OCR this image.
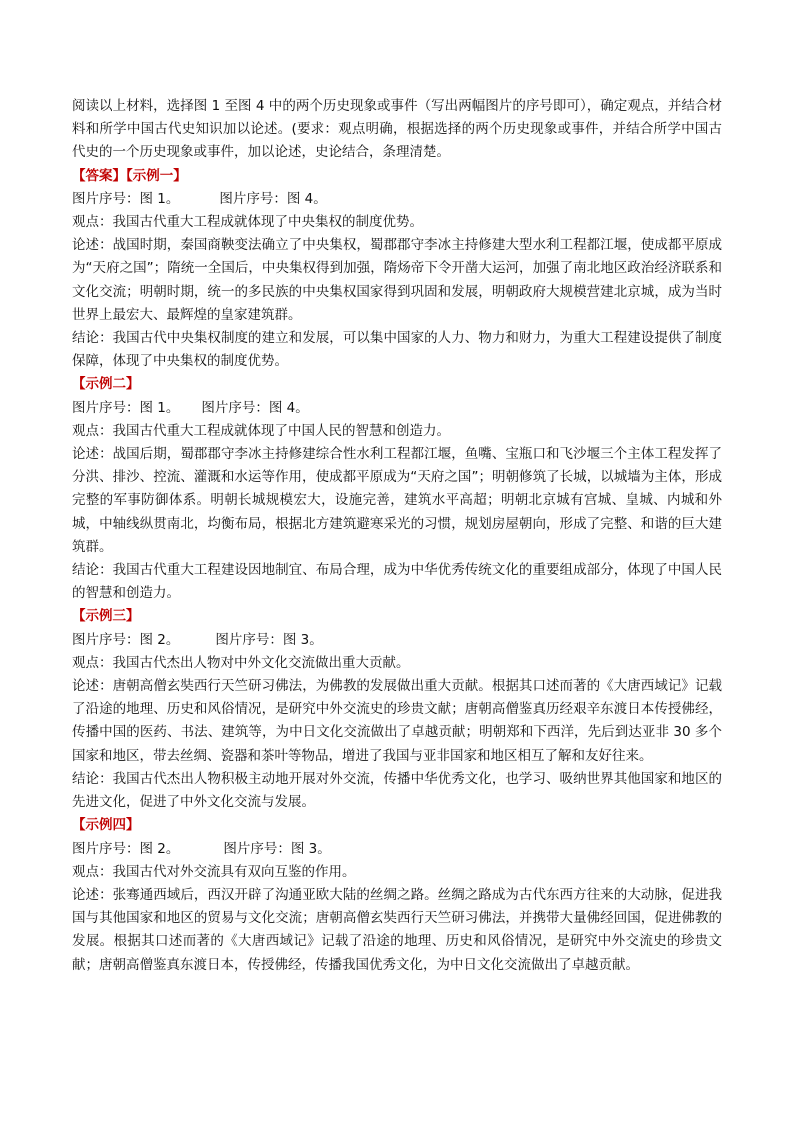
阅读以上材料，选择图 1 至图 4 中的两个历史现象或事件（写出两幅图片的序号即可），确定观点，并结合材料和所学中国古代史知识加以论述。(要求：观点明确，根据选择的两个历史现象或事件，并结合所学中国古代史的一个历史现象或事件，加以论述，史论结合，条理清楚。

【答案】【示例一】

图片序号：图 1。	图片序号：图 4。

观点：我国古代重大工程成就体现了中央集权的制度优势。

论述：战国时期，秦国商鞅变法确立了中央集权，蜀郡郡守李冰主持修建大型水利工程都江堰，使成都平原成为“天府之国”；隋统一全国后，中央集权得到加强，隋炀帝下令开凿大运河，加强了南北地区政治经济联系和文化交流；明朝时期，统一的多民族的中央集权国家得到巩固和发展，明朝政府大规模营建北京城，成为当时世界上最宏大、最辉煌的皇家建筑群。

结论：我国古代中央集权制度的建立和发展，可以集中国家的人力、物力和财力，为重大工程建设提供了制度保障，体现了中央集权的制度优势。

【示例二】

图片序号：图 1。 图片序号：图 4。

观点：我国古代重大工程成就体现了中国人民的智慧和创造力。

论述：战国后期，蜀郡郡守李冰主持修建综合性水利工程都江堰，鱼嘴、宝瓶口和飞沙堰三个主体工程发挥了分洪、排沙、控流、灌溉和水运等作用，使成都平原成为“天府之国”；明朝修筑了长城，以城墙为主体，形成完整的军事防御体系。明朝长城规模宏大，设施完善，建筑水平高超；明朝北京城有宫城、皇城、内城和外城，中轴线纵贯南北，均衡布局，根据北方建筑避寒采光的习惯，规划房屋朝向，形成了完整、和谐的巨大建筑群。

结论：我国古代重大工程建设因地制宜、布局合理，成为中华优秀传统文化的重要组成部分，体现了中国人民的智慧和创造力。

【示例三】

图片序号：图 2。	图片序号：图 3。

观点：我国古代杰出人物对中外文化交流做出重大贡献。

论述：唐朝高僧玄奘西行天竺研习佛法，为佛教的发展做出重大贡献。根据其口述而著的《大唐西域记》记载了沿途的地理、历史和风俗情况，是研究中外交流史的珍贵文献；唐朝高僧鉴真历经艰辛东渡日本传授佛经，传播中国的医药、书法、建筑等，为中日文化交流做出了卓越贡献；明朝郑和下西洋，先后到达亚非 30 多个国家和地区，带去丝绸、瓷器和茶叶等物品，增进了我国与亚非国家和地区相互了解和友好往来。

结论：我国古代杰出人物积极主动地开展对外交流，传播中华优秀文化，也学习、吸纳世界其他国家和地区的先进文化，促进了中外文化交流与发展。

【示例四】

图片序号：图 2。	图片序号：图 3。

观点：我国古代对外交流具有双向互鉴的作用。

论述：张骞通西域后，西汉开辟了沟通亚欧大陆的丝绸之路。丝绸之路成为古代东西方往来的大动脉，促进我国与其他国家和地区的贸易与文化交流；唐朝高僧玄奘西行天竺研习佛法，并携带大量佛经回国，促进佛教的发展。根据其口述而著的《大唐西域记》记载了沿途的地理、历史和风俗情况，是研究中外交流史的珍贵文献；唐朝高僧鉴真东渡日本，传授佛经，传播我国优秀文化，为中日文化交流做出了卓越贡献。
